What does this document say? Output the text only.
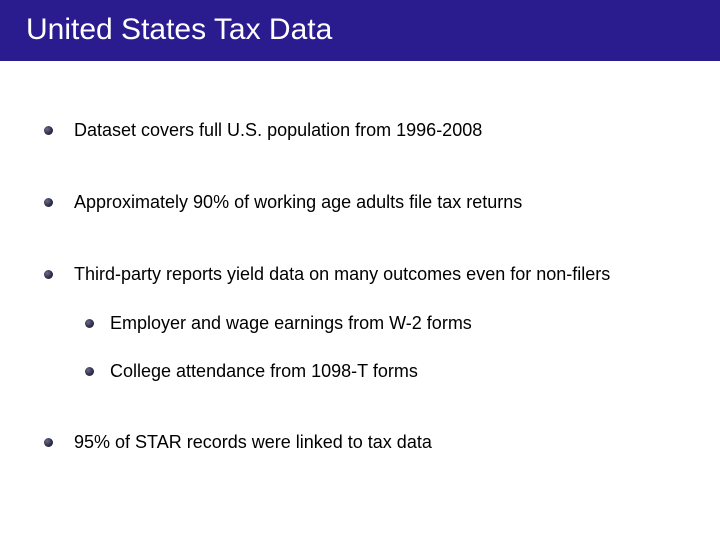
United States Tax Data
Dataset covers full U.S. population from 1996-2008
Approximately 90% of working age adults file tax returns
Third-party reports yield data on many outcomes even for non-filers
Employer and wage earnings from W-2 forms
College attendance from 1098-T forms
95% of STAR records were linked to tax data
